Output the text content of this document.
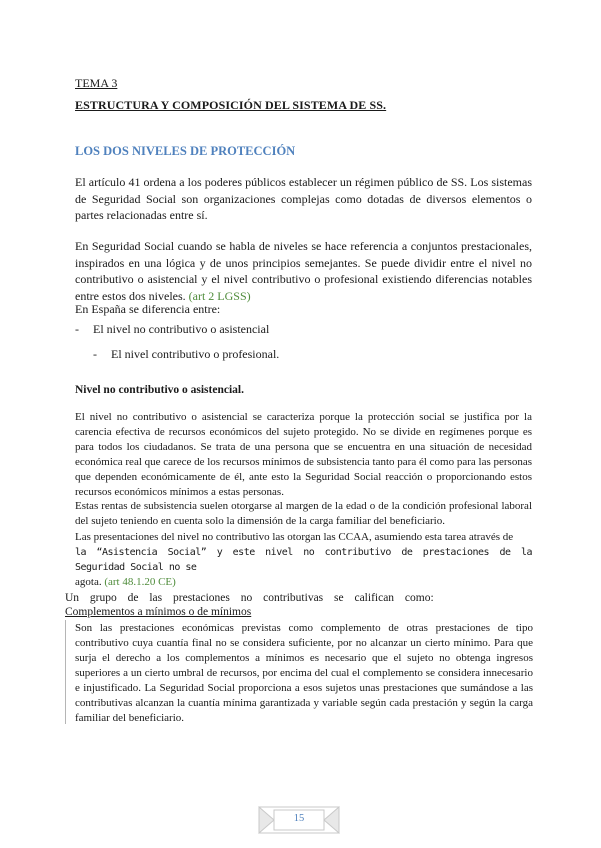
TEMA 3
ESTRUCTURA Y COMPOSICIÓN DEL SISTEMA DE SS.
LOS DOS NIVELES DE PROTECCIÓN
El artículo 41 ordena a los poderes públicos establecer un régimen público de SS. Los sistemas de Seguridad Social son organizaciones complejas como dotadas de diversos elementos o partes relacionadas entre sí.
En Seguridad Social cuando se habla de niveles se hace referencia a conjuntos prestacionales, inspirados en una lógica y de unos principios semejantes. Se puede dividir entre el nivel no contributivo o asistencial y el nivel contributivo o profesional existiendo diferencias notables entre estos dos niveles. (art 2 LGSS)
En España se diferencia entre:
- El nivel no contributivo o asistencial
- El nivel contributivo o profesional.
Nivel no contributivo o asistencial.
El nivel no contributivo o asistencial se caracteriza porque la protección social se justifica por la carencia efectiva de recursos económicos del sujeto protegido. No se divide en regímenes porque es para todos los ciudadanos. Se trata de una persona que se encuentra en una situación de necesidad económica real que carece de los recursos mínimos de subsistencia tanto para él como para las personas que dependen económicamente de él, ante esto la Seguridad Social reacción o proporcionando estos recursos económicos mínimos a estas personas.
Estas rentas de subsistencia suelen otorgarse al margen de la edad o de la condición profesional laboral del sujeto teniendo en cuenta solo la dimensión de la carga familiar del beneficiario.
Las presentaciones del nivel no contributivo las otorgan las CCAA, asumiendo esta tarea através de
la “Asistencia Social” y este nivel no contributivo de prestaciones de la Seguridad Social no se
agota. (art 48.1.20 CE)
Un grupo de las prestaciones no contributivas se califican como:
Complementos a mínimos o de mínimos
Son las prestaciones económicas previstas como complemento de otras prestaciones de tipo contributivo cuya cuantía final no se considera suficiente, por no alcanzar un cierto mínimo. Para que surja el derecho a los complementos a mínimos es necesario que el sujeto no obtenga ingresos superiores a un cierto umbral de recursos, por encima del cual el complemento se considera innecesario e injustificado. La Seguridad Social proporciona a esos sujetos unas prestaciones que sumándose a las contributivas alcanzan la cuantía mínima garantizada y variable según cada prestación y según la carga familiar del beneficiario.
15
